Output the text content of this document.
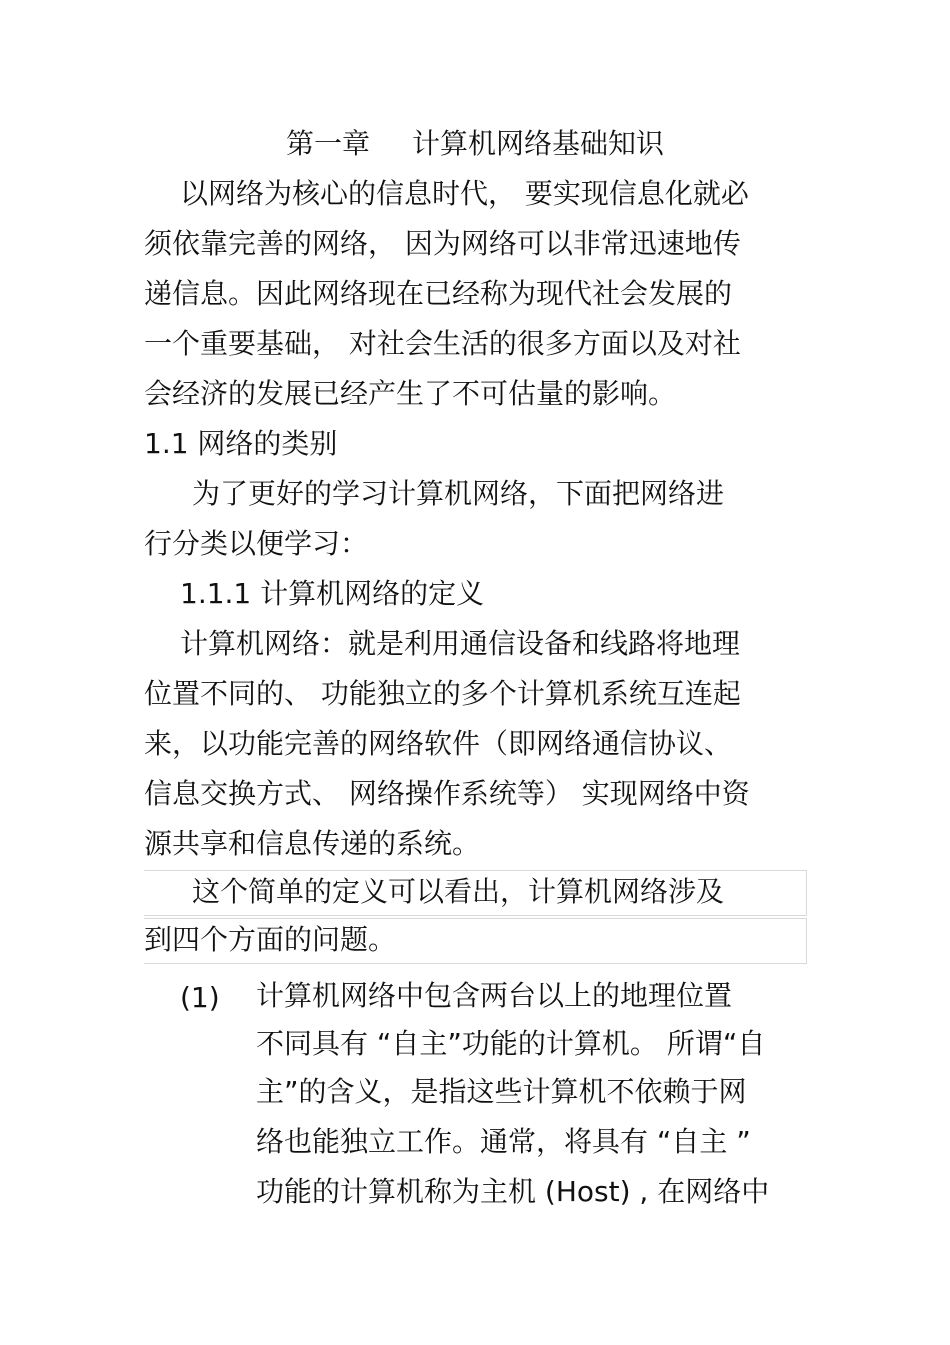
第一章 计算机网络基础知识
以网络为核心的信息时代， 要实现信息化就必
须依靠完善的网络， 因为网络可以非常迅速地传
递信息。因此网络现在已经称为现代社会发展的
一个重要基础， 对社会生活的很多方面以及对社
会经济的发展已经产生了不可估量的影响。
1.1 网络的类别
为了更好的学习计算机网络，下面把网络进
行分类以便学习：
1.1.1 计算机网络的定义
计算机网络：就是利用通信设备和线路将地理
位置不同的、 功能独立的多个计算机系统互连起
来，以功能完善的网络软件（即网络通信协议、
信息交换方式、 网络操作系统等） 实现网络中资
源共享和信息传递的系统。
这个简单的定义可以看出，计算机网络涉及
到四个方面的问题。
(1) 计算机网络中包含两台以上的地理位置
不同具有 “自主”功能的计算机。 所谓“自
主”的含义，是指这些计算机不依赖于网
络也能独立工作。通常，将具有 “自主 ”
功能的计算机称为主机 (Host) , 在网络中
